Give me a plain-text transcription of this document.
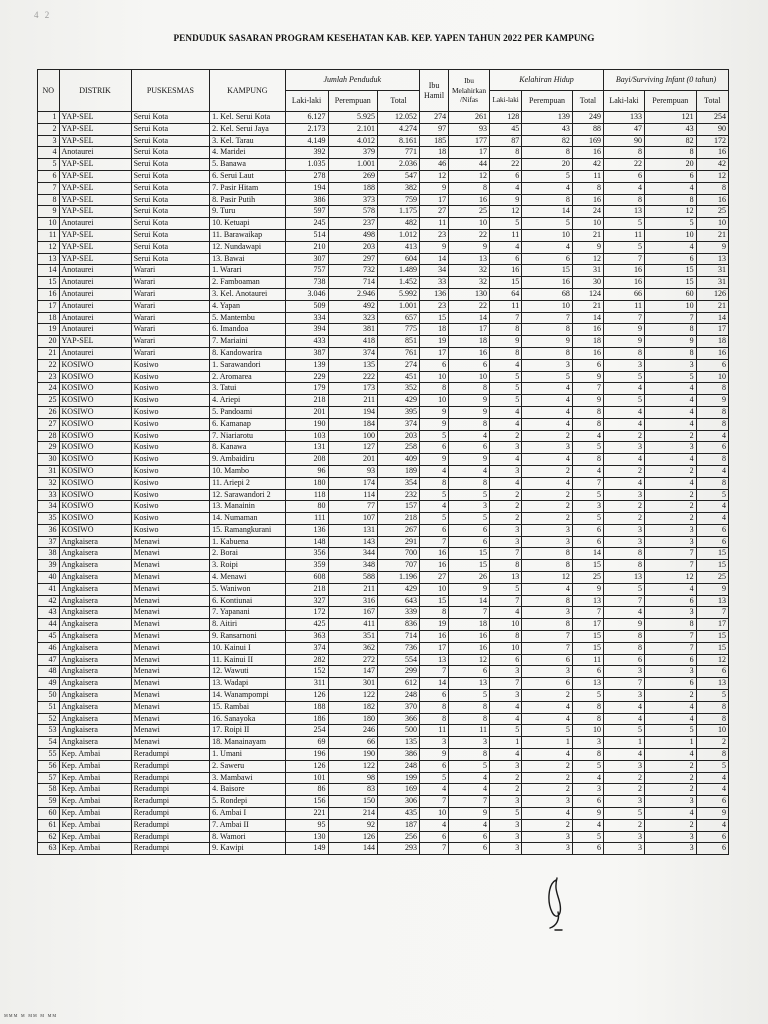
4 2
PENDUDUK SASARAN PROGRAM KESEHATAN KAB. KEP. YAPEN TAHUN 2022 PER KAMPUNG
NO	DISTRIK	PUSKESMAS	KAMPUNG	Jumlah Penduduk			Ibu Hamil	Ibu Melahirkan /Nifas	Kelahiran Hidup			Bayi/Surviving Infant (0 tahun)		
				Laki-laki	Perempuan	Total			Laki-laki	Perempuan	Total	Laki-laki	Perempuan	Total
1	YAP-SEL	Serui Kota	1. Kel. Serui Kota	6.127	5.925	12.052	274	261	128	139	249	133	121	254
2	YAP-SEL	Serui Kota	2. Kel. Serui Jaya	2.173	2.101	4.274	97	93	45	43	88	47	43	90
3	YAP-SEL	Serui Kota	3. Kel. Tarau	4.149	4.012	8.161	185	177	87	82	169	90	82	172
4	Anotaurei	Serui Kota	4. Maridei	392	379	771	18	17	8	8	16	8	8	16
5	YAP-SEL	Serui Kota	5. Banawa	1.035	1.001	2.036	46	44	22	20	42	22	20	42
6	YAP-SEL	Serui Kota	6. Serui Laut	278	269	547	12	12	6	5	11	6	6	12
7	YAP-SEL	Serui Kota	7. Pasir Hitam	194	188	382	9	8	4	4	8	4	4	8
8	YAP-SEL	Serui Kota	8. Pasir Putih	386	373	759	17	16	9	8	16	8	8	16
9	YAP-SEL	Serui Kota	9. Turu	597	578	1.175	27	25	12	14	24	13	12	25
10	Anotaurei	Serui Kota	10. Ketuapi	245	237	482	11	10	5	5	10	5	5	10
11	YAP-SEL	Serui Kota	11. Barawaikap	514	498	1.012	23	22	11	10	21	11	10	21
12	YAP-SEL	Serui Kota	12. Nundawapi	210	203	413	9	9	4	4	9	5	4	9
13	YAP-SEL	Serui Kota	13. Bawai	307	297	604	14	13	6	6	12	7	6	13
14	Anotaurei	Warari	1. Warari	757	732	1.489	34	32	16	15	31	16	15	31
15	Anotaurei	Warari	2. Famboaman	738	714	1.452	33	32	15	16	30	16	15	31
16	Anotaurei	Warari	3. Kel. Anotaurei	3.046	2.946	5.992	136	130	64	68	124	66	60	126
17	Anotaurei	Warari	4. Yapan	509	492	1.001	23	22	11	10	21	11	10	21
18	Anotaurei	Warari	5. Mantembu	334	323	657	15	14	7	7	14	7	7	14
19	Anotaurei	Warari	6. Imandoa	394	381	775	18	17	8	8	16	9	8	17
20	YAP-SEL	Warari	7. Mariaini	433	418	851	19	18	9	9	18	9	9	18
21	Anotaurei	Warari	8. Kandowarira	387	374	761	17	16	8	8	16	8	8	16
22	KOSIWO	Kosiwo	1. Sarawandori	139	135	274	6	6	4	3	6	3	3	6
23	KOSIWO	Kosiwo	2. Aromarea	229	222	451	10	10	5	5	9	5	5	10
24	KOSIWO	Kosiwo	3. Tatui	179	173	352	8	8	5	4	7	4	4	8
25	KOSIWO	Kosiwo	4. Ariepi	218	211	429	10	9	5	4	9	5	4	9
26	KOSIWO	Kosiwo	5. Pandoami	201	194	395	9	9	4	4	8	4	4	8
27	KOSIWO	Kosiwo	6. Kamanap	190	184	374	9	8	4	4	8	4	4	8
28	KOSIWO	Kosiwo	7. Niariarotu	103	100	203	5	4	2	2	4	2	2	4
29	KOSIWO	Kosiwo	8. Kanawa	131	127	258	6	6	3	3	5	3	3	6
30	KOSIWO	Kosiwo	9. Ambaidiru	208	201	409	9	9	4	4	8	4	4	8
31	KOSIWO	Kosiwo	10. Mambo	96	93	189	4	4	3	2	4	2	2	4
32	KOSIWO	Kosiwo	11. Ariepi 2	180	174	354	8	8	4	4	7	4	4	8
33	KOSIWO	Kosiwo	12. Sarawandori 2	118	114	232	5	5	2	2	5	3	2	5
34	KOSIWO	Kosiwo	13. Manainin	80	77	157	4	3	2	2	3	2	2	4
35	KOSIWO	Kosiwo	14. Numaman	111	107	218	5	5	2	2	5	2	2	4
36	KOSIWO	Kosiwo	15. Ramangkurani	136	131	267	6	6	3	3	6	3	3	6
37	Angkaisera	Menawi	1. Kabuena	148	143	291	7	6	3	3	6	3	3	6
38	Angkaisera	Menawi	2. Borai	356	344	700	16	15	7	8	14	8	7	15
39	Angkaisera	Menawi	3. Roipi	359	348	707	16	15	8	8	15	8	7	15
40	Angkaisera	Menawi	4. Menawi	608	588	1.196	27	26	13	12	25	13	12	25
41	Angkaisera	Menawi	5. Waniwon	218	211	429	10	9	5	4	9	5	4	9
42	Angkaisera	Menawi	6. Kontiunai	327	316	643	15	14	7	8	13	7	6	13
43	Angkaisera	Menawi	7. Yapanani	172	167	339	8	7	4	3	7	4	3	7
44	Angkaisera	Menawi	8. Aitiri	425	411	836	19	18	10	8	17	9	8	17
45	Angkaisera	Menawi	9. Ransarnoni	363	351	714	16	16	8	7	15	8	7	15
46	Angkaisera	Menawi	10. Kainui I	374	362	736	17	16	10	7	15	8	7	15
47	Angkaisera	Menawi	11. Kainui II	282	272	554	13	12	6	6	11	6	6	12
48	Angkaisera	Menawi	12. Wawuti	152	147	299	7	6	3	3	6	3	3	6
49	Angkaisera	Menawi	13. Wadapi	311	301	612	14	13	7	6	13	7	6	13
50	Angkaisera	Menawi	14. Wanampompi	126	122	248	6	5	3	2	5	3	2	5
51	Angkaisera	Menawi	15. Rambai	188	182	370	8	8	4	4	8	4	4	8
52	Angkaisera	Menawi	16. Sanayoka	186	180	366	8	8	4	4	8	4	4	8
53	Angkaisera	Menawi	17. Roipi II	254	246	500	11	11	5	5	10	5	5	10
54	Angkaisera	Menawi	18. Manainayam	69	66	135	3	3	1	1	3	1	1	2
55	Kep. Ambai	Reradumpi	1. Umani	196	190	386	9	8	4	4	8	4	4	8
56	Kep. Ambai	Reradumpi	2. Saweru	126	122	248	6	5	3	2	5	3	2	5
57	Kep. Ambai	Reradumpi	3. Mambawi	101	98	199	5	4	2	2	4	2	2	4
58	Kep. Ambai	Reradumpi	4. Baisore	86	83	169	4	4	2	2	3	2	2	4
59	Kep. Ambai	Reradumpi	5. Rondepi	156	150	306	7	7	3	3	6	3	3	6
60	Kep. Ambai	Reradumpi	6. Ambai I	221	214	435	10	9	5	4	9	5	4	9
61	Kep. Ambai	Reradumpi	7. Ambai II	95	92	187	4	4	3	2	4	2	2	4
62	Kep. Ambai	Reradumpi	8. Wamori	130	126	256	6	6	3	3	5	3	3	6
63	Kep. Ambai	Reradumpi	9. Kawipi	149	144	293	7	6	3	3	6	3	3	6
ᴍᴍᴍ ᴍ ᴍᴍ ᴍ ᴍᴍ
